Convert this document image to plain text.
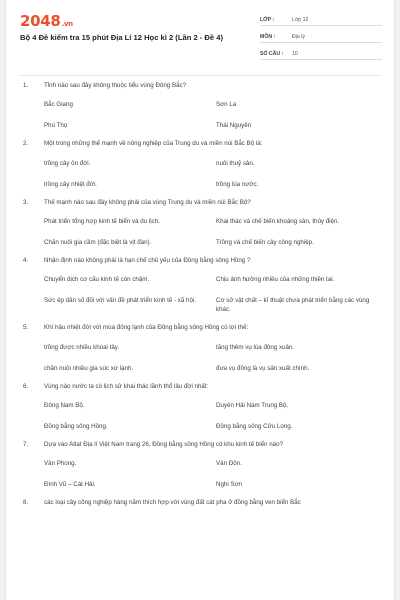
2048.vn
Bộ 4 Đề kiểm tra 15 phút Địa Lí 12 Học kì 2 (Lần 2 - Đề 4)
LỚP :	Lớp 12
MÔN :	Địa lý
SỐ CÂU :	10
1.	Tỉnh nào sau đây không thuộc tiểu vùng Đông Bắc?
Bắc Giang	Sơn La
Phú Thọ	Thái Nguyên
2.	Một trong những thế mạnh về nông nghiệp của Trung du và miền núi Bắc Bộ là:
trồng cây ôn đới.	nuôi thuỷ sản.
trồng cây nhiệt đới.	trồng lúa nước.
3.	Thế mạnh nào sau đây không phải của vùng Trung du và miền núi Bắc Bộ?
Phát triển tổng hợp kinh tế biển và du lịch.	Khai thác và chế biến khoáng sản, thủy điện.
Chăn nuôi gia cầm (đặc biệt là vịt đàn).	Trồng và chế biến cây công nghiệp.
4.	Nhận định nào không phải là hạn chế chủ yếu của Đồng bằng sông Hồng ?
Chuyển dịch cơ cấu kinh tế còn chậm.	Chịu ảnh hưởng nhiều của những thiên tai.
Sức ép dân số đối với vấn đề phát triển kinh tế - xã hội.	Cơ sở vật chất – kĩ thuật chưa phát triển bằng các vùng khác.
5.	Khí hậu nhiệt đới với mùa đông lạnh của Đồng bằng sông Hồng có lợi thế:
trồng được nhiều khoai tây.	tăng thêm vụ lúa đông xuân.
chăn nuôi nhiều gia súc xứ lạnh.	đưa vụ đông là vụ sản xuất chính.
6.	Vùng nào nước ta có lịch sử khai thác lãnh thổ lâu đời nhất:
Đông Nam Bộ.	Duyên Hải Nam Trung Bộ.
Đồng bằng sông Hồng.	Đồng bằng sông Cửu Long.
7.	Dựa vào Atlat Địa lí Việt Nam trang 26, Đồng bằng sông Hồng có khu kinh tế biển nào?
Vân Phong.	Vân Đồn.
Đình Vũ – Cát Hải.	Nghi Sơn
8.	các loại cây công nghiệp hàng năm thích hợp với vùng đất cát pha ở đồng bằng ven biển Bắc
